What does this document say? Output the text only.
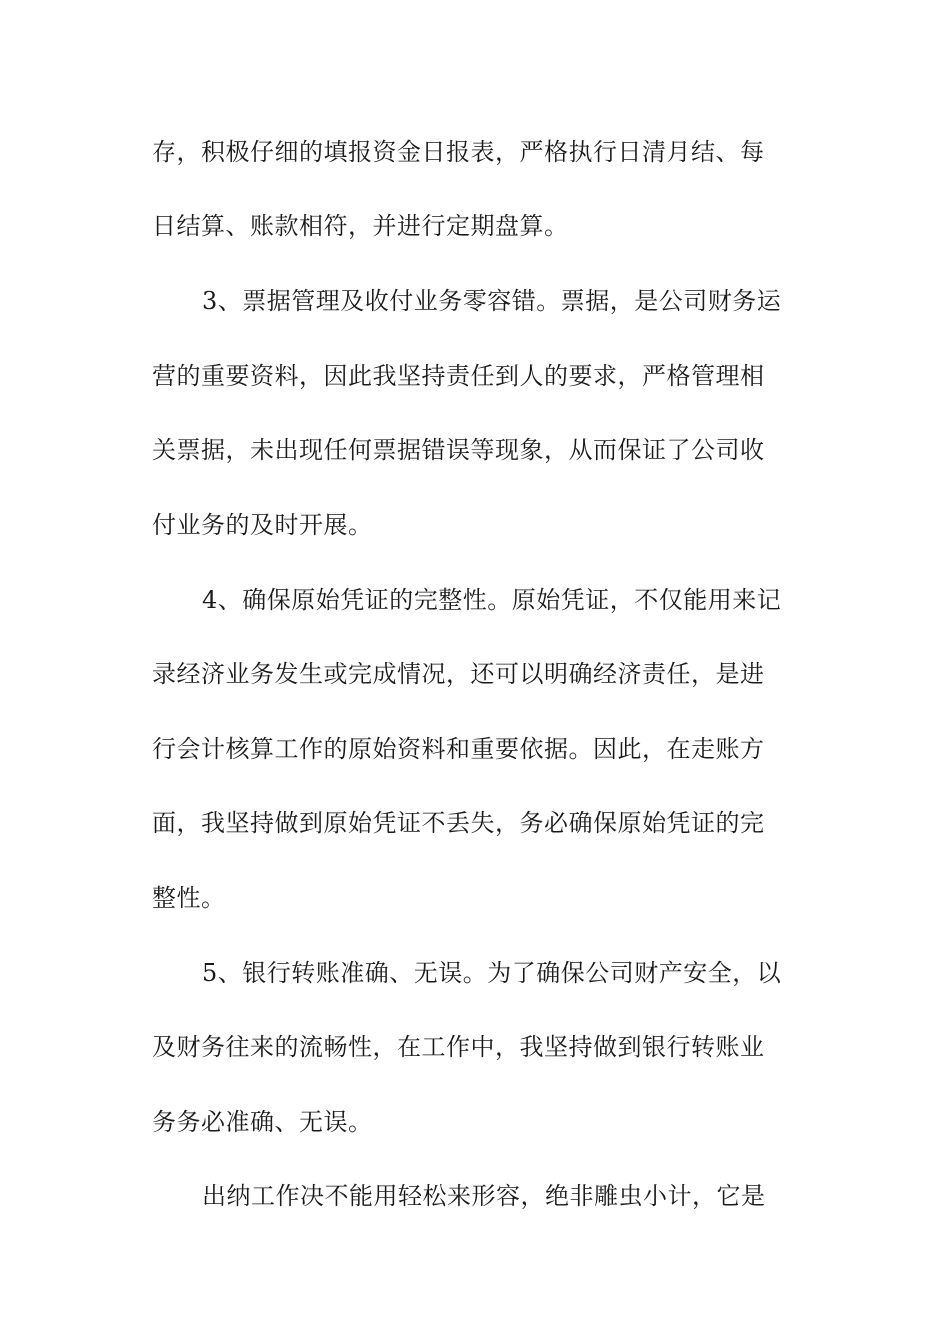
存，积极仔细的填报资金日报表，严格执行日清月结、每
日结算、账款相符，并进行定期盘算。
3、票据管理及收付业务零容错。票据，是公司财务运
营的重要资料，因此我坚持责任到人的要求，严格管理相
关票据，未出现任何票据错误等现象，从而保证了公司收
付业务的及时开展。
4、确保原始凭证的完整性。原始凭证，不仅能用来记
录经济业务发生或完成情况，还可以明确经济责任，是进
行会计核算工作的原始资料和重要依据。因此，在走账方
面，我坚持做到原始凭证不丢失，务必确保原始凭证的完
整性。
5、银行转账准确、无误。为了确保公司财产安全，以
及财务往来的流畅性，在工作中，我坚持做到银行转账业
务务必准确、无误。
出纳工作决不能用轻松来形容，绝非雕虫小计，它是
